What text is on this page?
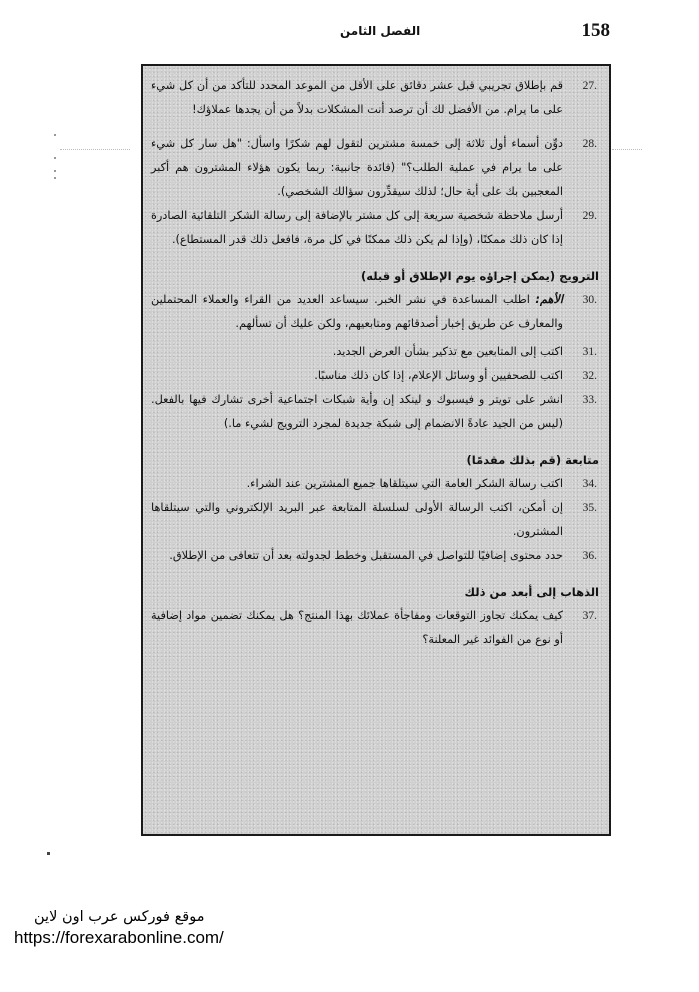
الفصل الثامن	158
27.
قم بإطلاق تجريبي قبل عشر دقائق على الأقل من الموعد المحدد للتأكد من أن كل شيء على ما يرام. من الأفضل لك أن ترصد أنت المشكلات بدلاً من أن يجدها عملاؤك!
28.
دوِّن أسماء أول ثلاثة إلى خمسة مشترين لتقول لهم شكرًا واسأل: "هل سار كل شيء على ما يرام في عملية الطلب؟" (فائدة جانبية: ربما يكون هؤلاء المشترون هم أكبر المعجبين بك على أية حال؛ لذلك سيقدِّرون سؤالك الشخصي).
29.
أرسل ملاحظة شخصية سريعة إلى كل مشتر بالإضافة إلى رسالة الشكر التلقائية الصادرة إذا كان ذلك ممكنًا، (وإذا لم يكن ذلك ممكنًا في كل مرة، فافعل ذلك قدر المستطاع).
الترويج (يمكن إجراؤه يوم الإطلاق أو قبله)
30.
الأهم: اطلب المساعدة في نشر الخبر. سيساعد العديد من القراء والعملاء المحتملين والمعارف عن طريق إخبار أصدقائهم ومتابعيهم، ولكن عليك أن تسألهم.
31.
اكتب إلى المتابعين مع تذكير بشأن العرض الجديد.
32.
اكتب للصحفيين أو وسائل الإعلام، إذا كان ذلك مناسبًا.
33.
انشر على تويتر و فيسبوك و لينكد إن وأية شبكات اجتماعية أخرى تشارك فيها بالفعل. (ليس من الجيد عادةً الانضمام إلى شبكة جديدة لمجرد الترويج لشيء ما.)
متابعة (قم بذلك مقدمًا)
34.
اكتب رسالة الشكر العامة التي سيتلقاها جميع المشترين عند الشراء.
35.
إن أمكن، اكتب الرسالة الأولى لسلسلة المتابعة عبر البريد الإلكتروني والتي سيتلقاها المشترون.
36.
حدد محتوى إضافيًا للتواصل في المستقبل وخطط لجدولته بعد أن تتعافى من الإطلاق.
الذهاب إلى أبعد من ذلك
37.
كيف يمكنك تجاوز التوقعات ومفاجأة عملائك بهذا المنتج؟ هل يمكنك تضمين مواد إضافية أو نوع من الفوائد غير المعلنة؟
موقع فوركس عرب اون لاين
https://forexarabonline.com/
